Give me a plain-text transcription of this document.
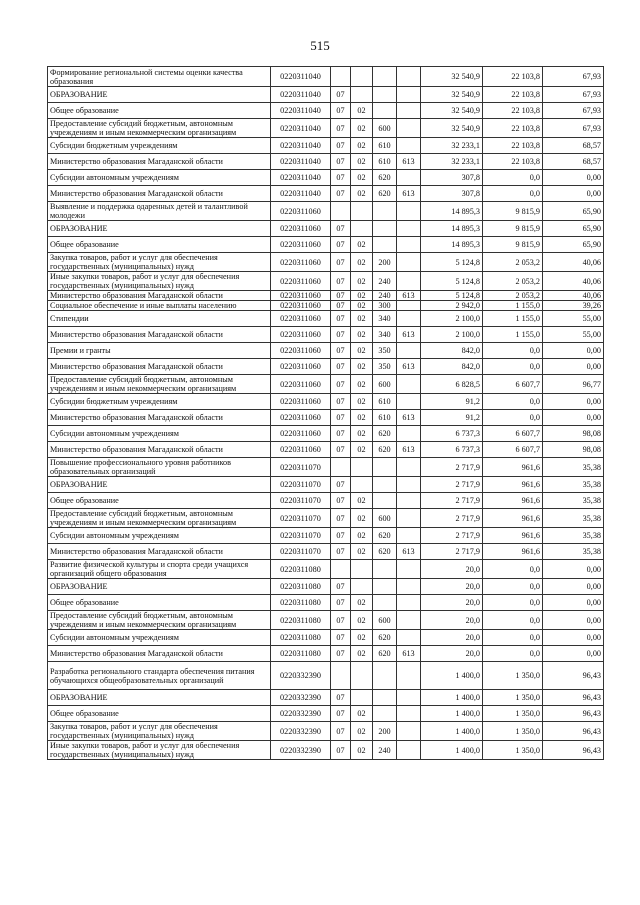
515
Формирование региональной системы оценки качества образования	0220311040					32 540,9	22 103,8	67,93
ОБРАЗОВАНИЕ	0220311040	07				32 540,9	22 103,8	67,93
Общее образование	0220311040	07	02			32 540,9	22 103,8	67,93
Предоставление субсидий бюджетным, автономным учреждениям и иным некоммерческим организациям	0220311040	07	02	600		32 540,9	22 103,8	67,93
Субсидии бюджетным учреждениям	0220311040	07	02	610		32 233,1	22 103,8	68,57
Министерство образования Магаданской области	0220311040	07	02	610	613	32 233,1	22 103,8	68,57
Субсидии автономным учреждениям	0220311040	07	02	620		307,8	0,0	0,00
Министерство образования Магаданской области	0220311040	07	02	620	613	307,8	0,0	0,00
Выявление и поддержка одаренных детей и талантливой молодежи	0220311060					14 895,3	9 815,9	65,90
ОБРАЗОВАНИЕ	0220311060	07				14 895,3	9 815,9	65,90
Общее образование	0220311060	07	02			14 895,3	9 815,9	65,90
Закупка товаров, работ и услуг для обеспечения государственных (муниципальных) нужд	0220311060	07	02	200		5 124,8	2 053,2	40,06
Иные закупки товаров, работ и услуг для обеспечения государственных (муниципальных) нужд	0220311060	07	02	240		5 124,8	2 053,2	40,06
Министерство образования Магаданской области	0220311060	07	02	240	613	5 124,8	2 053,2	40,06
Социальное обеспечение и иные выплаты населению	0220311060	07	02	300		2 942,0	1 155,0	39,26
Стипендии	0220311060	07	02	340		2 100,0	1 155,0	55,00
Министерство образования Магаданской области	0220311060	07	02	340	613	2 100,0	1 155,0	55,00
Премии и гранты	0220311060	07	02	350		842,0	0,0	0,00
Министерство образования Магаданской области	0220311060	07	02	350	613	842,0	0,0	0,00
Предоставление субсидий бюджетным, автономным учреждениям и иным некоммерческим организациям	0220311060	07	02	600		6 828,5	6 607,7	96,77
Субсидии бюджетным учреждениям	0220311060	07	02	610		91,2	0,0	0,00
Министерство образования Магаданской области	0220311060	07	02	610	613	91,2	0,0	0,00
Субсидии автономным учреждениям	0220311060	07	02	620		6 737,3	6 607,7	98,08
Министерство образования Магаданской области	0220311060	07	02	620	613	6 737,3	6 607,7	98,08
Повышение профессионального уровня работников образовательных организаций	0220311070					2 717,9	961,6	35,38
ОБРАЗОВАНИЕ	0220311070	07				2 717,9	961,6	35,38
Общее образование	0220311070	07	02			2 717,9	961,6	35,38
Предоставление субсидий бюджетным, автономным учреждениям и иным некоммерческим организациям	0220311070	07	02	600		2 717,9	961,6	35,38
Субсидии автономным учреждениям	0220311070	07	02	620		2 717,9	961,6	35,38
Министерство образования Магаданской области	0220311070	07	02	620	613	2 717,9	961,6	35,38
Развитие физической культуры и спорта среди учащихся организаций общего образования	0220311080					20,0	0,0	0,00
ОБРАЗОВАНИЕ	0220311080	07				20,0	0,0	0,00
Общее образование	0220311080	07	02			20,0	0,0	0,00
Предоставление субсидий бюджетным, автономным учреждениям и иным некоммерческим организациям	0220311080	07	02	600		20,0	0,0	0,00
Субсидии автономным учреждениям	0220311080	07	02	620		20,0	0,0	0,00
Министерство образования Магаданской области	0220311080	07	02	620	613	20,0	0,0	0,00
Разработка регионального стандарта обеспечения питания обучающихся общеобразовательных организаций	0220332390					1 400,0	1 350,0	96,43
ОБРАЗОВАНИЕ	0220332390	07				1 400,0	1 350,0	96,43
Общее образование	0220332390	07	02			1 400,0	1 350,0	96,43
Закупка товаров, работ и услуг для обеспечения государственных (муниципальных) нужд	0220332390	07	02	200		1 400,0	1 350,0	96,43
Иные закупки товаров, работ и услуг для обеспечения государственных (муниципальных) нужд	0220332390	07	02	240		1 400,0	1 350,0	96,43
